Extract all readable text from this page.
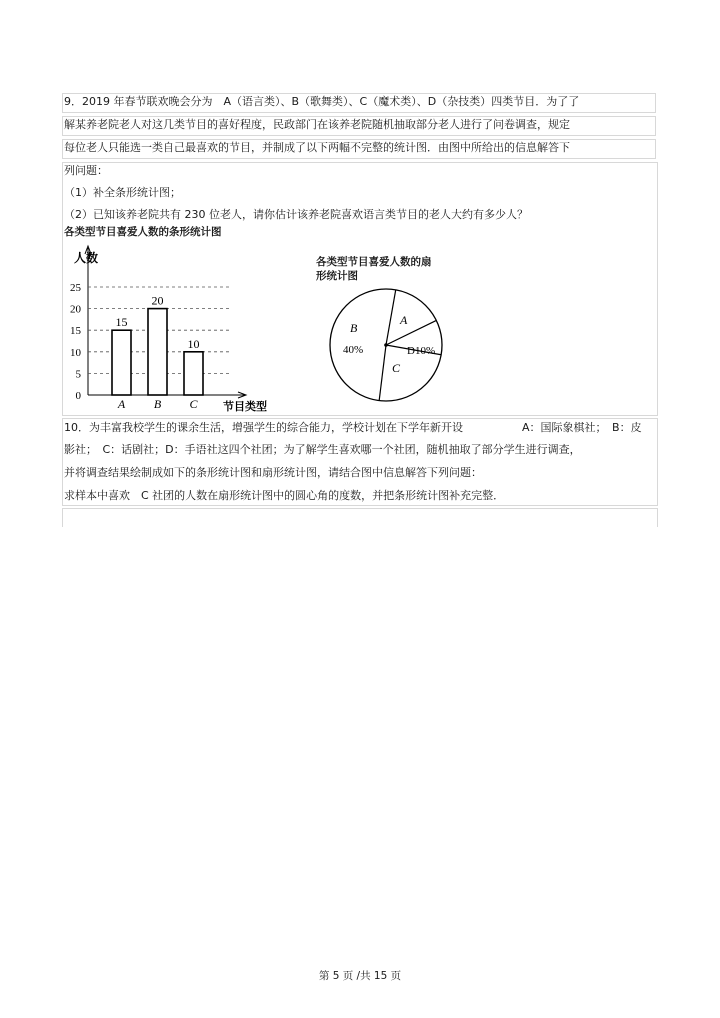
9．2019 年春节联欢晚会分为　A（语言类）、B（歌舞类）、C（魔术类）、D（杂技类）四类节目．为了了
解某养老院老人对这几类节目的喜好程度，民政部门在该养老院随机抽取部分老人进行了问卷调查，规定
每位老人只能选一类自己最喜欢的节目，并制成了以下两幅不完整的统计图．由图中所给出的信息解答下
列问题：
（1）补全条形统计图；
（2）已知该养老院共有 230 位老人，请你估计该养老院喜欢语言类节目的老人大约有多少人？
各类型节目喜爱人数的条形统计图
人数
节目类型
0
5
10
15
20
25
15
A
20
B
10
C
各类型节目喜爱人数的扇
形统计图
A
B
40%
C
D10%
10．为丰富我校学生的课余生活，增强学生的综合能力，学校计划在下学年新开设	A：国际象棋社；　B：皮
影社；　C：话剧社；D：手语社这四个社团；为了解学生喜欢哪一个社团，随机抽取了部分学生进行调查，
并将调查结果绘制成如下的条形统计图和扇形统计图，请结合图中信息解答下列问题：
求样本中喜欢　C 社团的人数在扇形统计图中的圆心角的度数，并把条形统计图补充完整．
第 5 页 /共 15 页
